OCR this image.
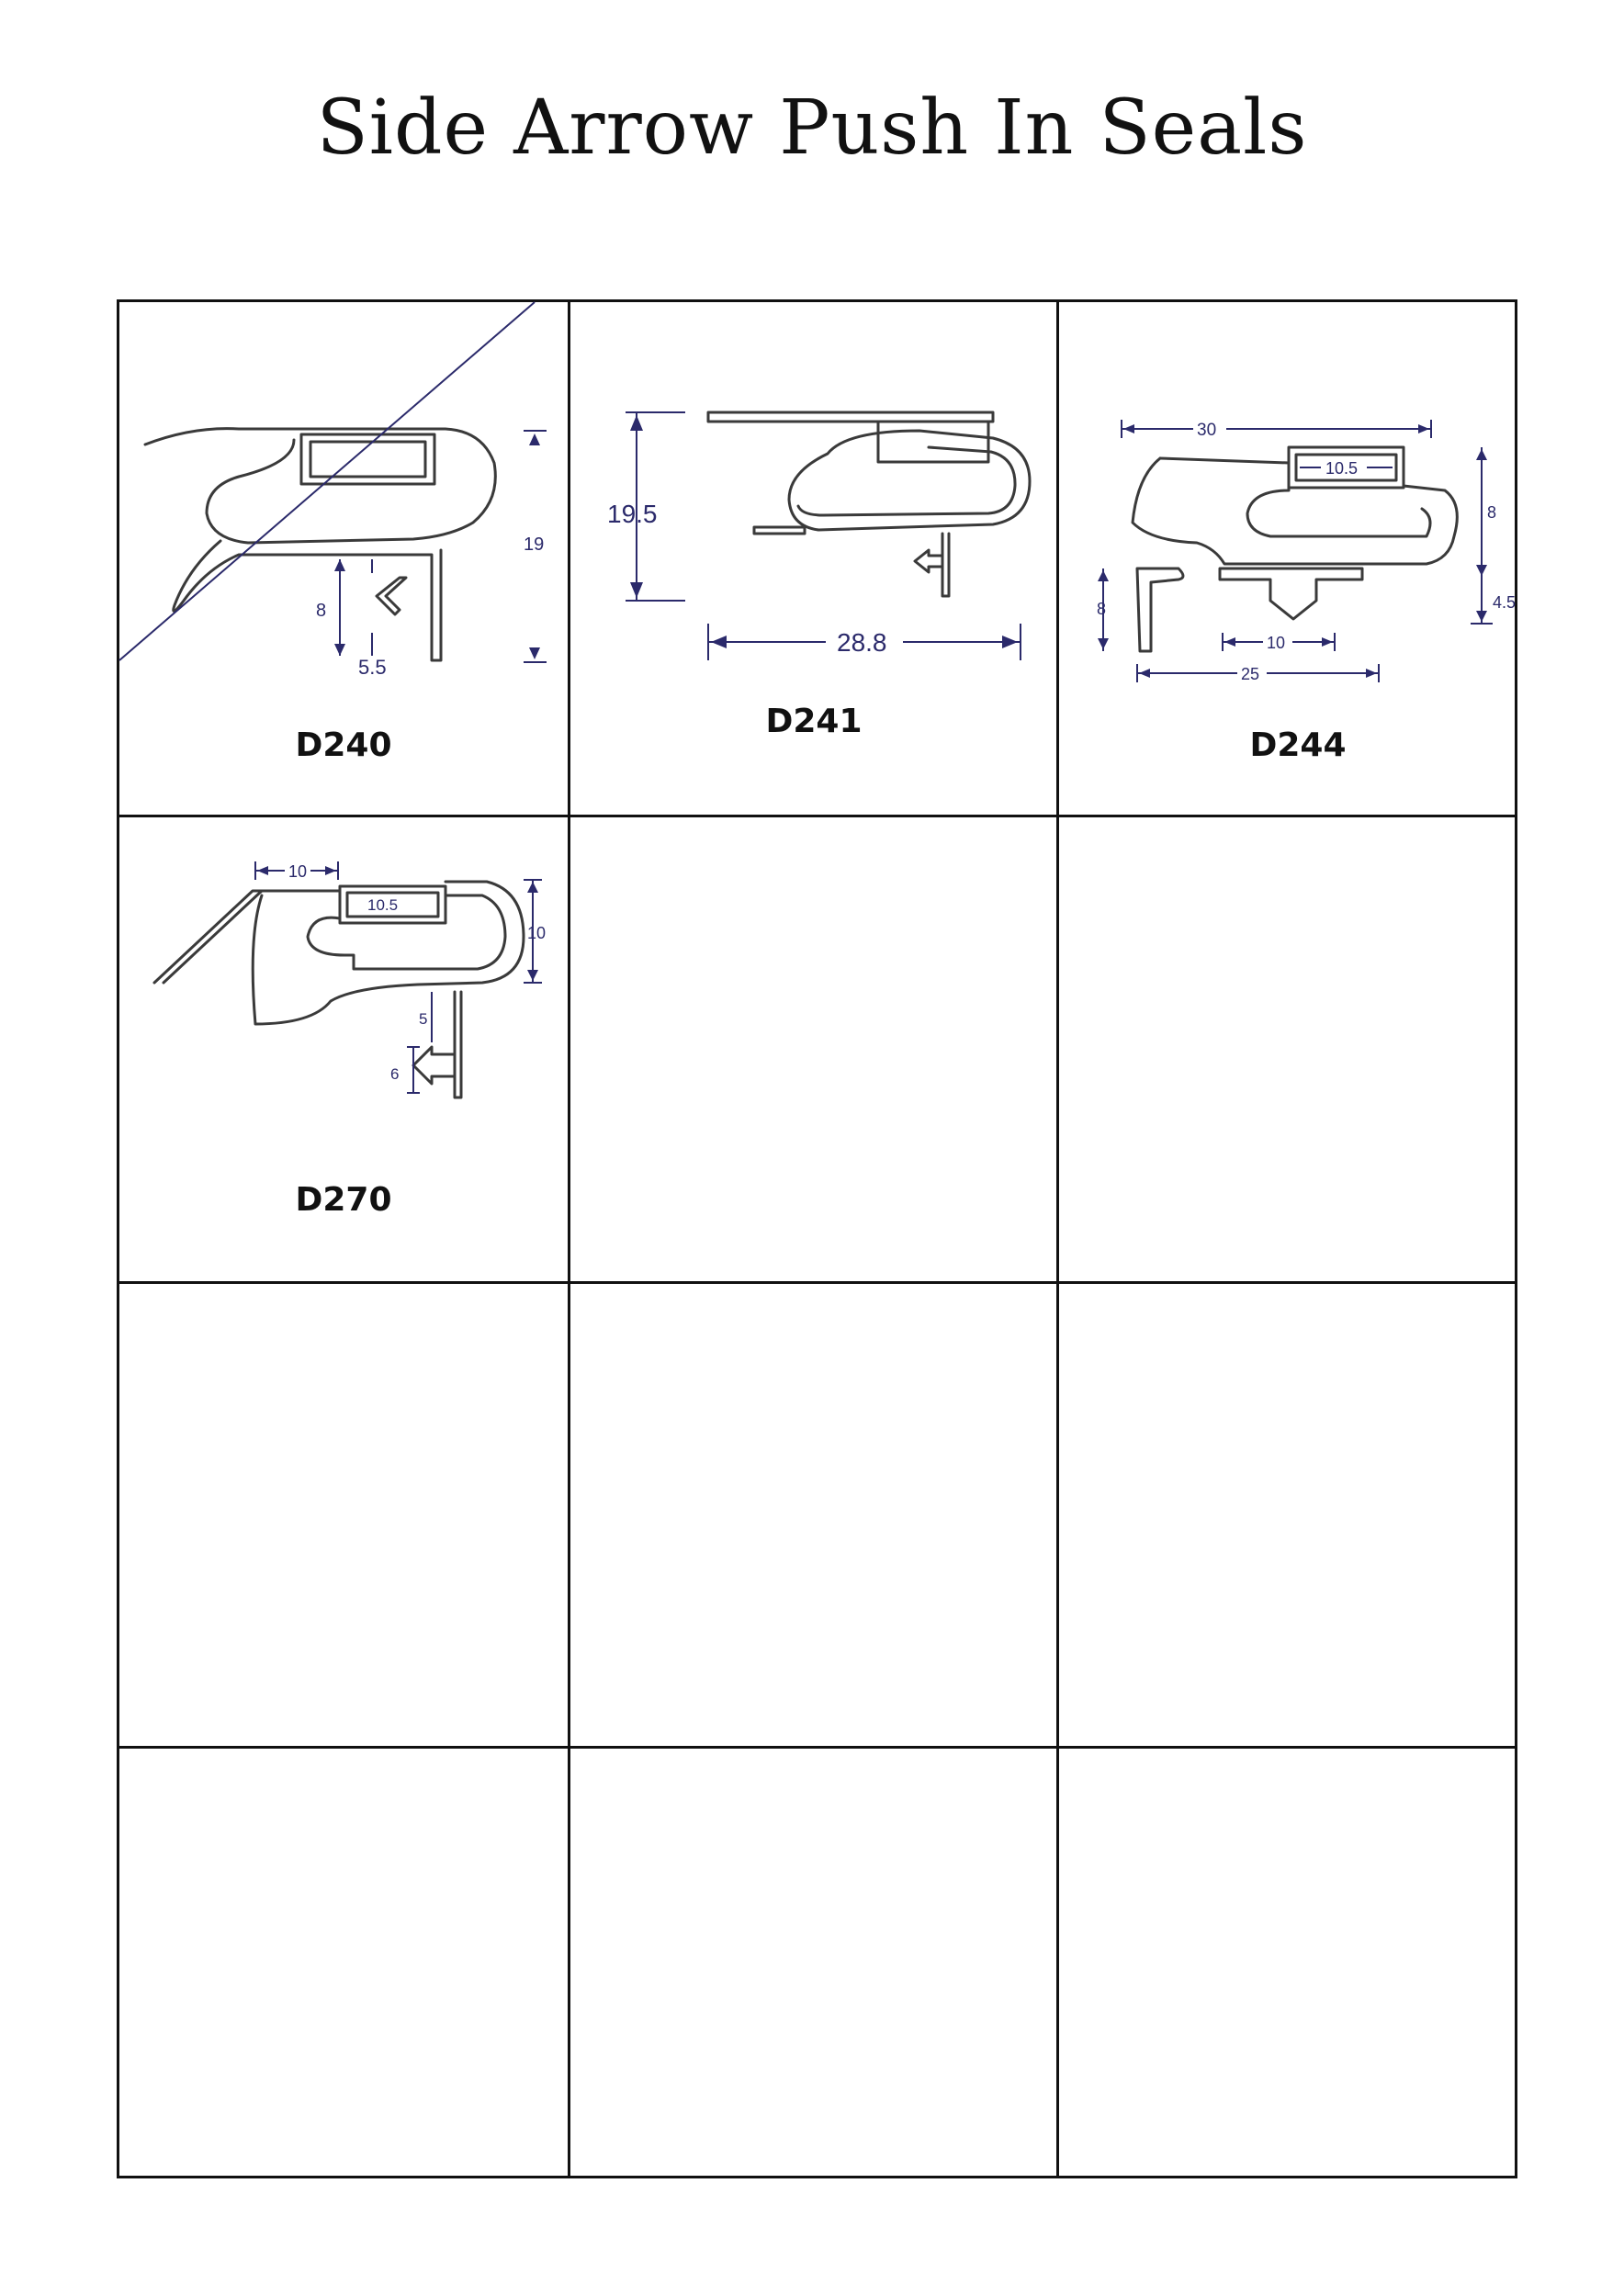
Side Arrow Push In Seals
19
8
5.5
D240
19.5
28.8
D241
30
10.5
8
4.5
8
10
25
D244
10
10.5
10
5
6
D270
